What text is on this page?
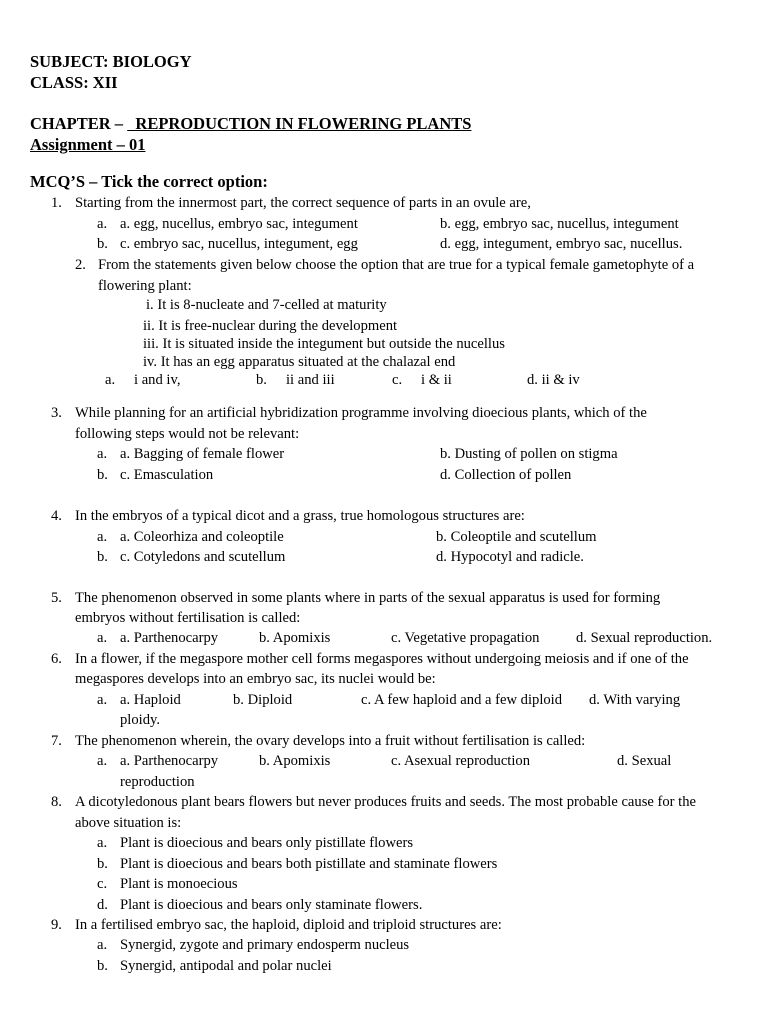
SUBJECT: BIOLOGY
CLASS: XII
CHAPTER –   REPRODUCTION IN FLOWERING PLANTS
Assignment – 01
MCQ’S – Tick the correct option:
1. Starting from the innermost part, the correct sequence of parts in an ovule are,
a. a. egg, nucellus, embryo sac, integument	b. egg, embryo sac, nucellus, integument
b. c. embryo sac, nucellus, integument, egg	d. egg, integument, embryo sac, nucellus.
2. From the statements given below choose the option that are true for a typical female gametophyte of a
flowering plant:
i. It is 8-nucleate and 7-celled at maturity
ii. It is free-nuclear during the development
iii. It is situated inside the integument but outside the nucellus
iv. It has an egg apparatus situated at the chalazal end
a. i and iv,	b. ii and iii	c. i & ii	d. ii & iv
3. While planning for an artificial hybridization programme involving dioecious plants, which of the
following steps would not be relevant:
a. a. Bagging of female flower	b. Dusting of pollen on stigma
b. c. Emasculation	d. Collection of pollen
4. In the embryos of a typical dicot and a grass, true homologous structures are:
a. a. Coleorhiza and coleoptile	b. Coleoptile and scutellum
b. c. Cotyledons and scutellum	d. Hypocotyl and radicle.
5. The phenomenon observed in some plants where in parts of the sexual apparatus is used for forming
embryos without fertilisation is called:
a. a. Parthenocarpy	b. Apomixis	c. Vegetative propagation	d. Sexual reproduction.
6. In a flower, if the megaspore mother cell forms megaspores without undergoing meiosis and if one of the
megaspores develops into an embryo sac, its nuclei would be:
a. a. Haploid	b. Diploid	c. A few haploid and a few diploid d. With varying
ploidy.
7. The phenomenon wherein, the ovary develops into a fruit without fertilisation is called:
a. a. Parthenocarpy	b. Apomixis	c. Asexual reproduction	d. Sexual
reproduction
8. A dicotyledonous plant bears flowers but never produces fruits and seeds. The most probable cause for the
above situation is:
a. Plant is dioecious and bears only pistillate flowers
b. Plant is dioecious and bears both pistillate and staminate flowers
c. Plant is monoecious
d. Plant is dioecious and bears only staminate flowers.
9. In a fertilised embryo sac, the haploid, diploid and triploid structures are:
a. Synergid, zygote and primary endosperm nucleus
b. Synergid, antipodal and polar nuclei
